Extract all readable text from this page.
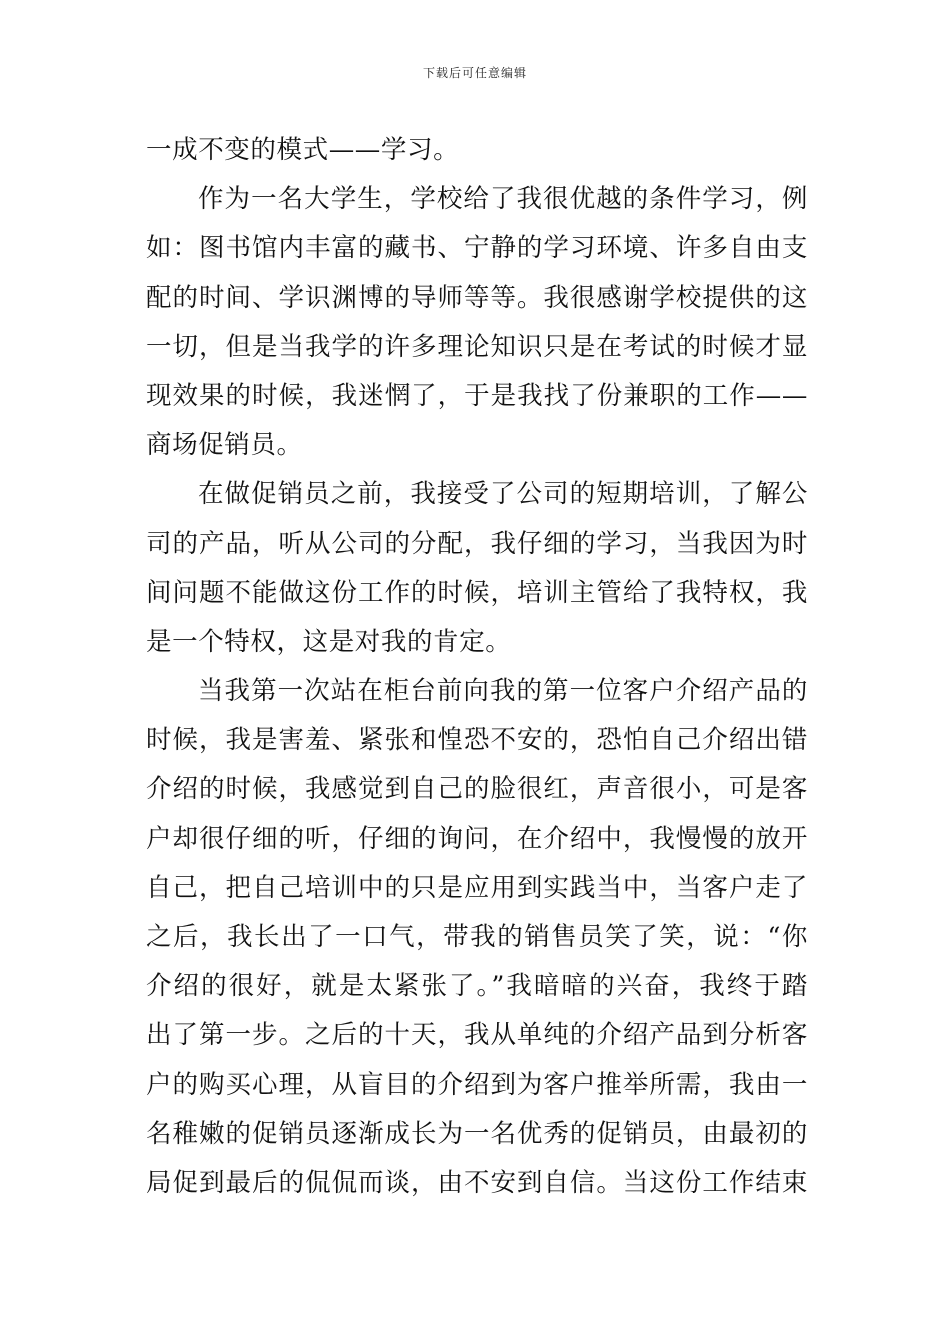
下载后可任意编辑
一成不变的模式——学习。
作为一名大学生，学校给了我很优越的条件学习，例
如：图书馆内丰富的藏书、宁静的学习环境、许多自由支
配的时间、学识渊博的导师等等。我很感谢学校提供的这
一切，但是当我学的许多理论知识只是在考试的时候才显
现效果的时候，我迷惘了，于是我找了份兼职的工作——
商场促销员。
在做促销员之前，我接受了公司的短期培训，了解公
司的产品，听从公司的分配，我仔细的学习，当我因为时
间问题不能做这份工作的时候，培训主管给了我特权，我
是一个特权，这是对我的肯定。
当我第一次站在柜台前向我的第一位客户介绍产品的
时候，我是害羞、紧张和惶恐不安的，恐怕自己介绍出错
介绍的时候，我感觉到自己的脸很红，声音很小，可是客
户却很仔细的听，仔细的询问，在介绍中，我慢慢的放开
自己，把自己培训中的只是应用到实践当中，当客户走了
之后，我长出了一口气，带我的销售员笑了笑，说：“你
介绍的很好，就是太紧张了。”我暗暗的兴奋，我终于踏
出了第一步。之后的十天，我从单纯的介绍产品到分析客
户的购买心理，从盲目的介绍到为客户推举所需，我由一
名稚嫩的促销员逐渐成长为一名优秀的促销员，由最初的
局促到最后的侃侃而谈，由不安到自信。当这份工作结束
